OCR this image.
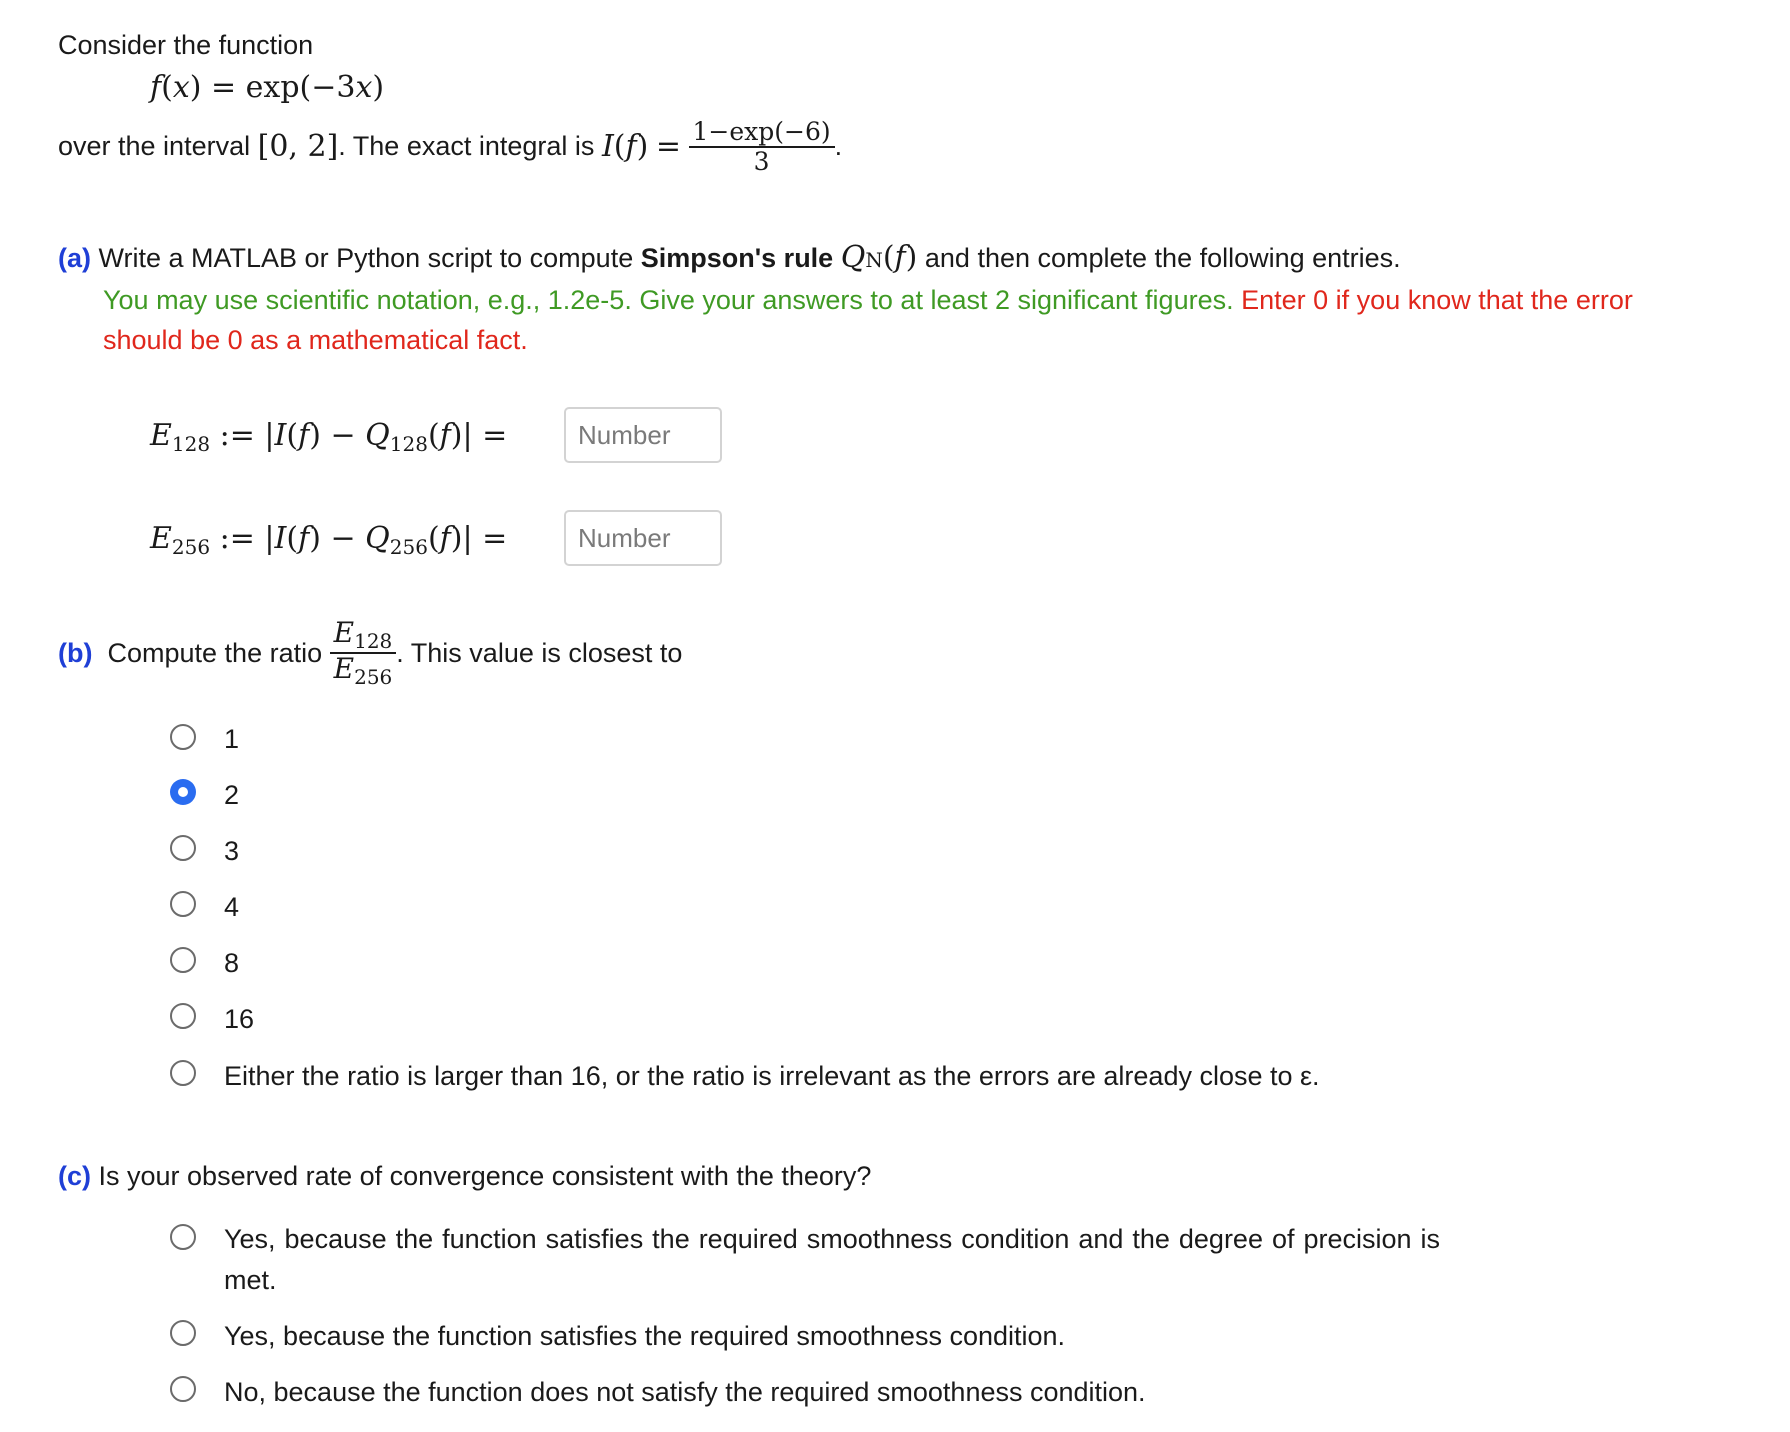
Consider the function
f(x) = exp(−3x)
over the interval
[0, 2] . The exact integral is
I ( f )
=
$\frac{1-\exp(-6)}{3}$ .
(a)
Write a MATLAB or Python script to compute
Simpson's rule
Q N ( f )
and then complete the following entries.
You may use scientific notation, e.g., 1.2e-5. Give your answers to at least 2 significant figures. Enter 0 if you know that the error
should be 0 as a mathematical fact.
$E_{128}$ := $|I(f) - Q_{128}(f)|$ =	Number
$E_{256}$ := $|I(f) - Q_{256}(f)|$ =	Number
(b)
Compute the ratio
$\frac{E_{128}}{E_{256}}$ . This value is closest to
1
2
3
4
8
16
Either the ratio is larger than 16, or the ratio is irrelevant as the errors are already close to ε.
(c) Is your observed rate of convergence consistent with the theory?
Yes, because the function satisfies the required smoothness condition and the degree of precision is met.
Yes, because the function satisfies the required smoothness condition.
No, because the function does not satisfy the required smoothness condition.
